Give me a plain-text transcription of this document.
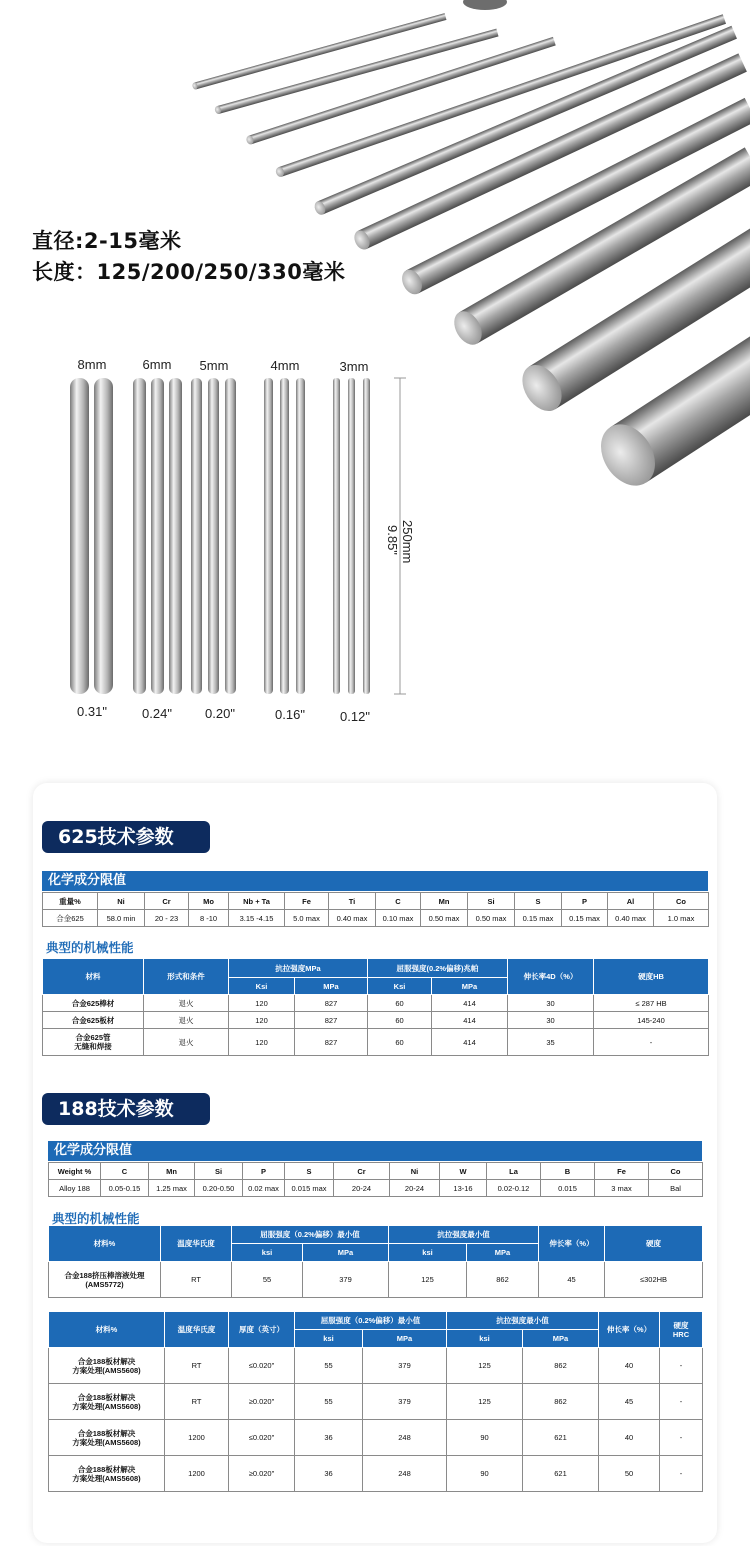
直径:2-15毫米
长度：125/200/250/330毫米
8mm	6mm	5mm	4mm	3mm
0.31"	0.24"	0.20"	0.16"	0.12"
250mm
9.85"
625技术参数
化学成分限值
重量%	Ni	Cr	Mo	Nb + Ta	Fe	Ti	C	Mn	Si	S	P	Al	Co
合金625	58.0 min	20 - 23	8 -10	3.15 -4.15	5.0 max	0.40 max	0.10 max	0.50 max	0.50 max	0.15 max	0.15 max	0.40 max	1.0 max
典型的机械性能
材料	形式和条件	抗拉强度MPa		屈服强度(0.2%偏移)兆帕		伸长率4D（%）	硬度HB
		Ksi	MPa	Ksi	MPa		
合金625棒材	退火	120	827	60	414	30	≤ 287 HB
合金625板材	退火	120	827	60	414	30	145-240
合金625管
无缝和焊接	退火	120	827	60	414	35	-
188技术参数
化学成分限值
Weight %	C	Mn	Si	P	S	Cr	Ni	W	La	B	Fe	Co
Alloy 188	0.05-0.15	1.25 max	0.20-0.50	0.02 max	0.015 max	20-24	20-24	13-16	0.02-0.12	0.015	3 max	Bal
典型的机械性能
材料%	温度华氏度	屈服强度（0.2%偏移）最小值		抗拉强度最小值		伸长率（%）	硬度
		ksi	MPa	ksi	MPa		
合金188挤压棒溶液处理
(AMS5772)	RT	55	379	125	862	45	≤302HB
材料%	温度华氏度	厚度（英寸）	屈服强度（0.2%偏移）最小值		抗拉强度最小值		伸长率（%）	硬度
HRC
			ksi	MPa	ksi	MPa		
合金188板材解决
方案处理(AMS5608)	RT	≤0.020"	55	379	125	862	40	-
合金188板材解决
方案处理(AMS5608)	RT	≥0.020"	55	379	125	862	45	-
合金188板材解决
方案处理(AMS5608)	1200	≤0.020"	36	248	90	621	40	-
合金188板材解决
方案处理(AMS5608)	1200	≥0.020"	36	248	90	621	50	-
